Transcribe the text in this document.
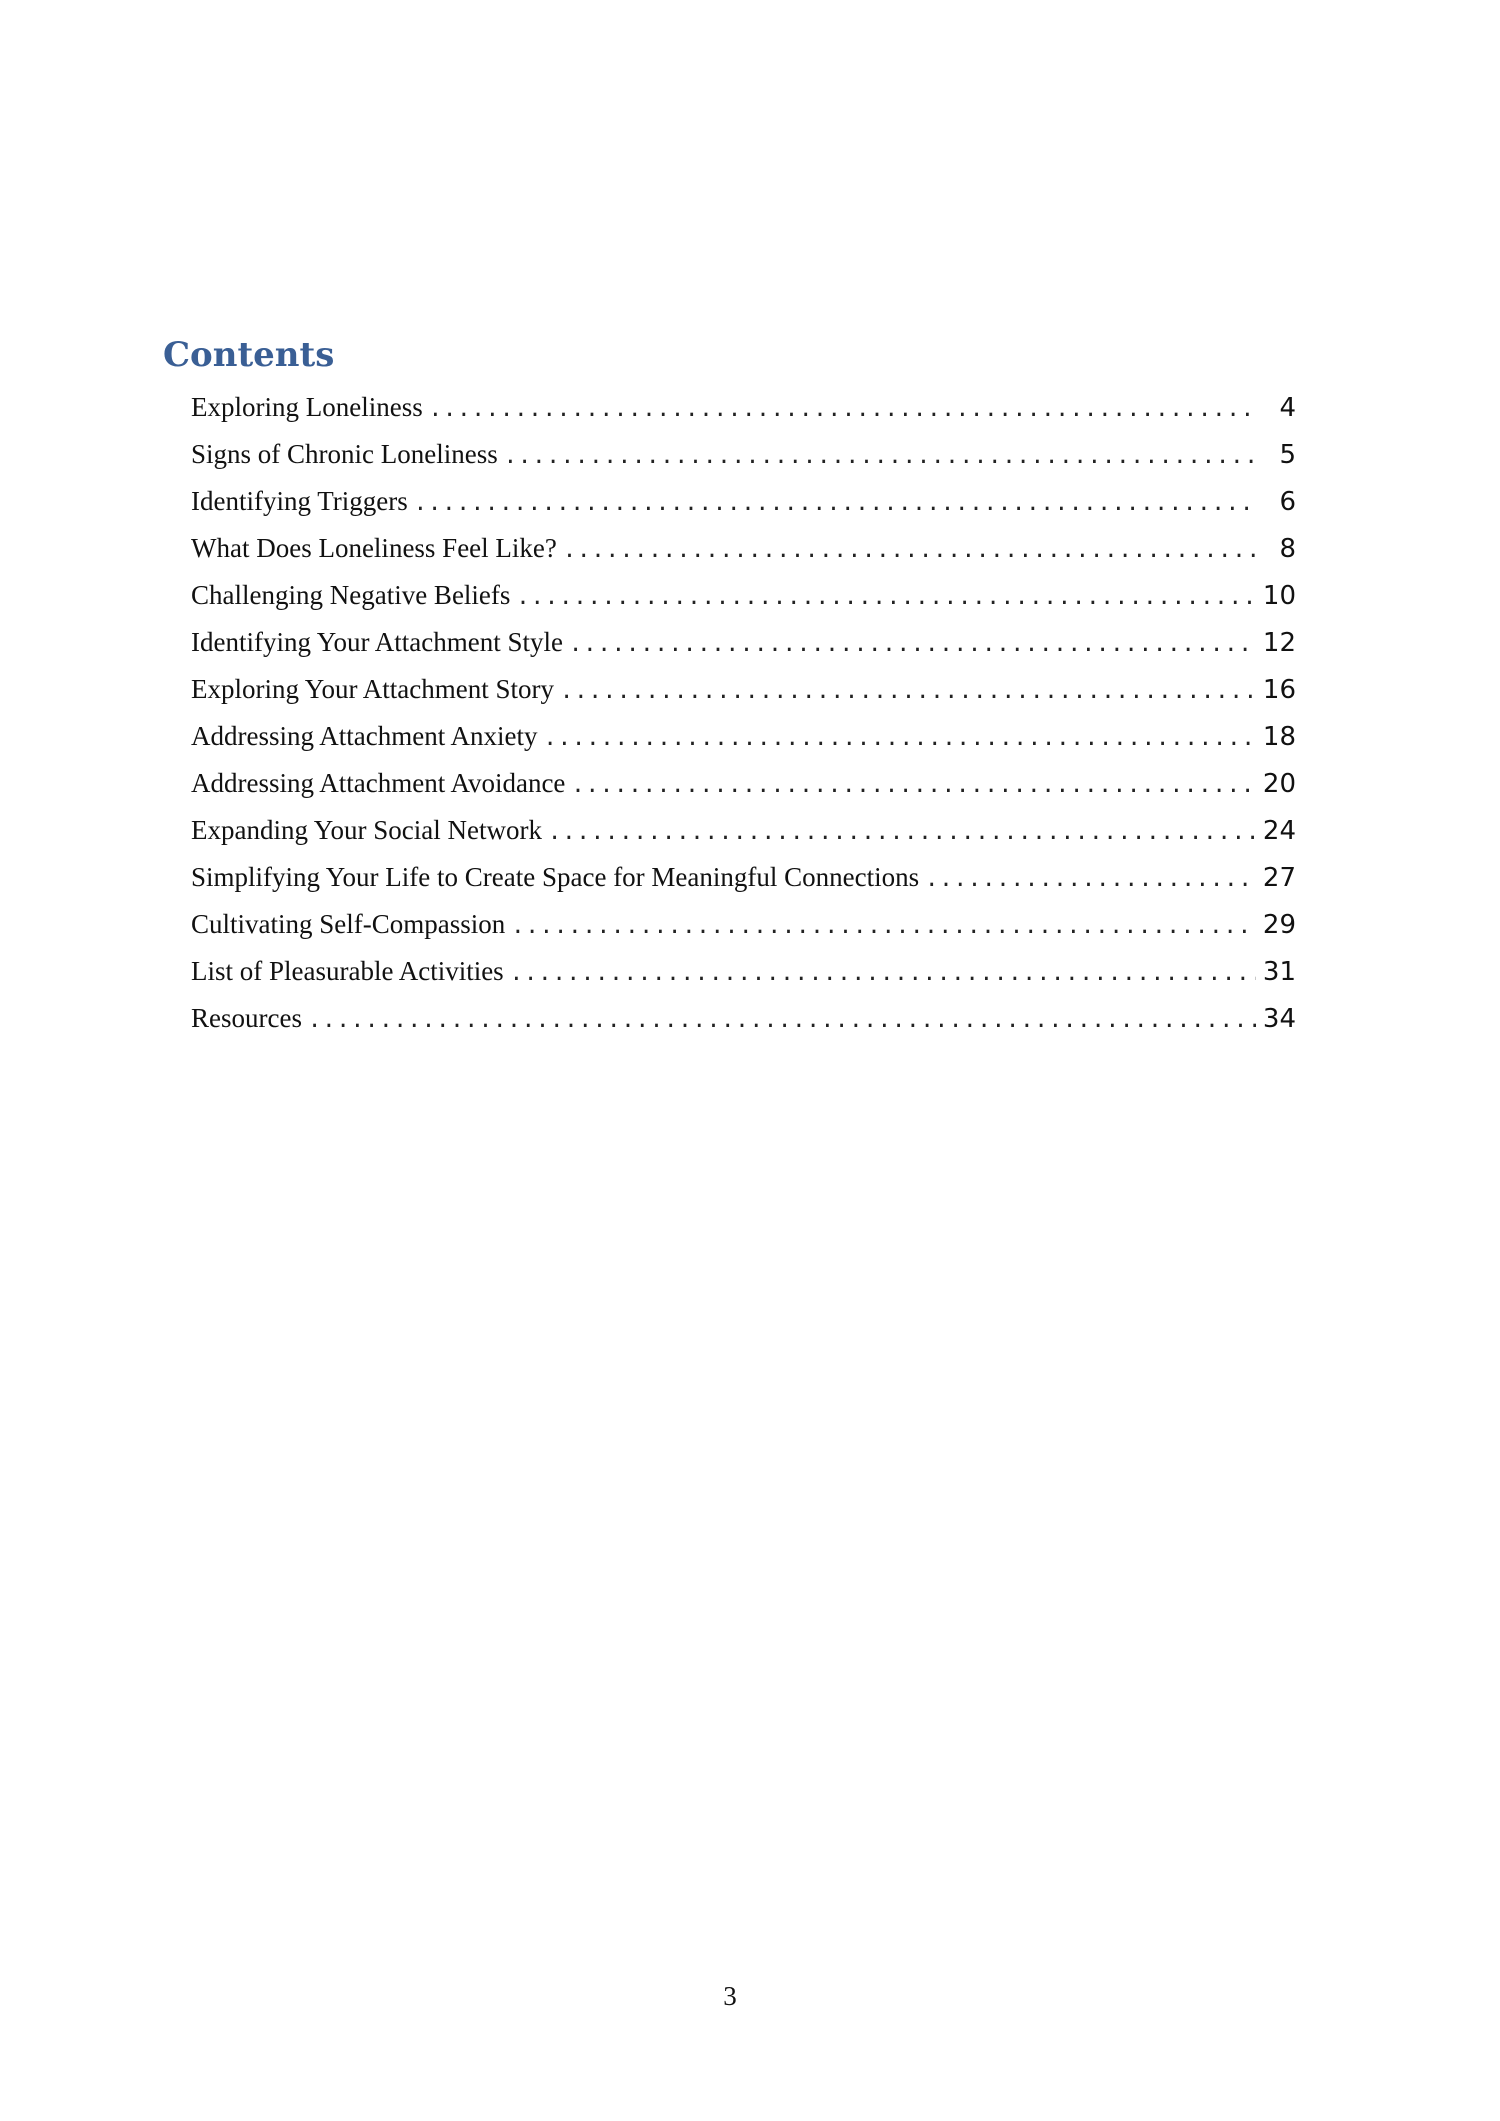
Contents
Exploring Loneliness .....	4
Signs of Chronic Loneliness .....	5
Identifying Triggers .....	6
What Does Loneliness Feel Like? .....	8
Challenging Negative Beliefs .....	10
Identifying Your Attachment Style .....	12
Exploring Your Attachment Story .....	16
Addressing Attachment Anxiety .....	18
Addressing Attachment Avoidance .....	20
Expanding Your Social Network .....	24
Simplifying Your Life to Create Space for Meaningful Connections .....	27
Cultivating Self-Compassion .....	29
List of Pleasurable Activities .....	31
Resources .....	34
3
